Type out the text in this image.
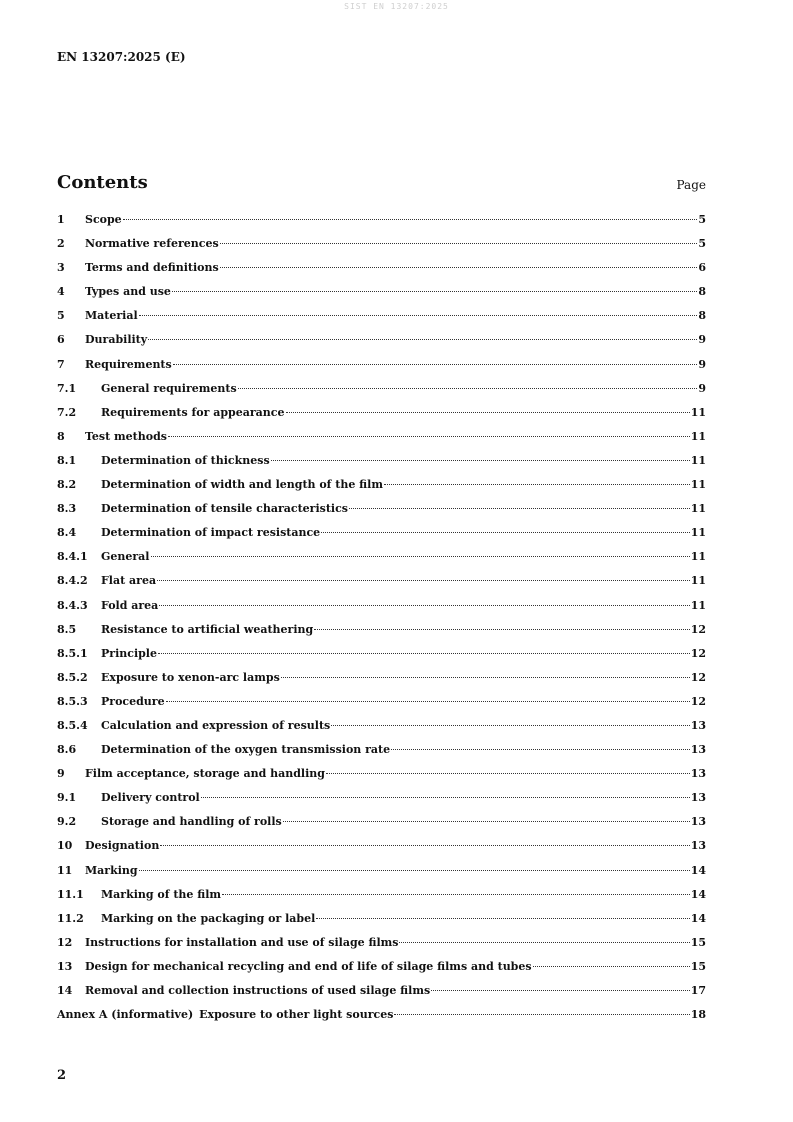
SIST EN 13207:2025
EN 13207:2025 (E)
Contents	Page
1	Scope	5
2	Normative references	5
3	Terms and definitions	6
4	Types and use	8
5	Material	8
6	Durability	9
7	Requirements	9
7.1	General requirements	9
7.2	Requirements for appearance	11
8	Test methods	11
8.1	Determination of thickness	11
8.2	Determination of width and length of the film	11
8.3	Determination of tensile characteristics	11
8.4	Determination of impact resistance	11
8.4.1	General	11
8.4.2	Flat area	11
8.4.3	Fold area	11
8.5	Resistance to artificial weathering	12
8.5.1	Principle	12
8.5.2	Exposure to xenon-arc lamps	12
8.5.3	Procedure	12
8.5.4	Calculation and expression of results	13
8.6	Determination of the oxygen transmission rate	13
9	Film acceptance, storage and handling	13
9.1	Delivery control	13
9.2	Storage and handling of rolls	13
10	Designation	13
11	Marking	14
11.1	Marking of the film	14
11.2	Marking on the packaging or label	14
12	Instructions for installation and use of silage films	15
13	Design for mechanical recycling and end of life of silage films and tubes	15
14	Removal and collection instructions of used silage films	17
Annex A (informative) Exposure to other light sources	18
2
